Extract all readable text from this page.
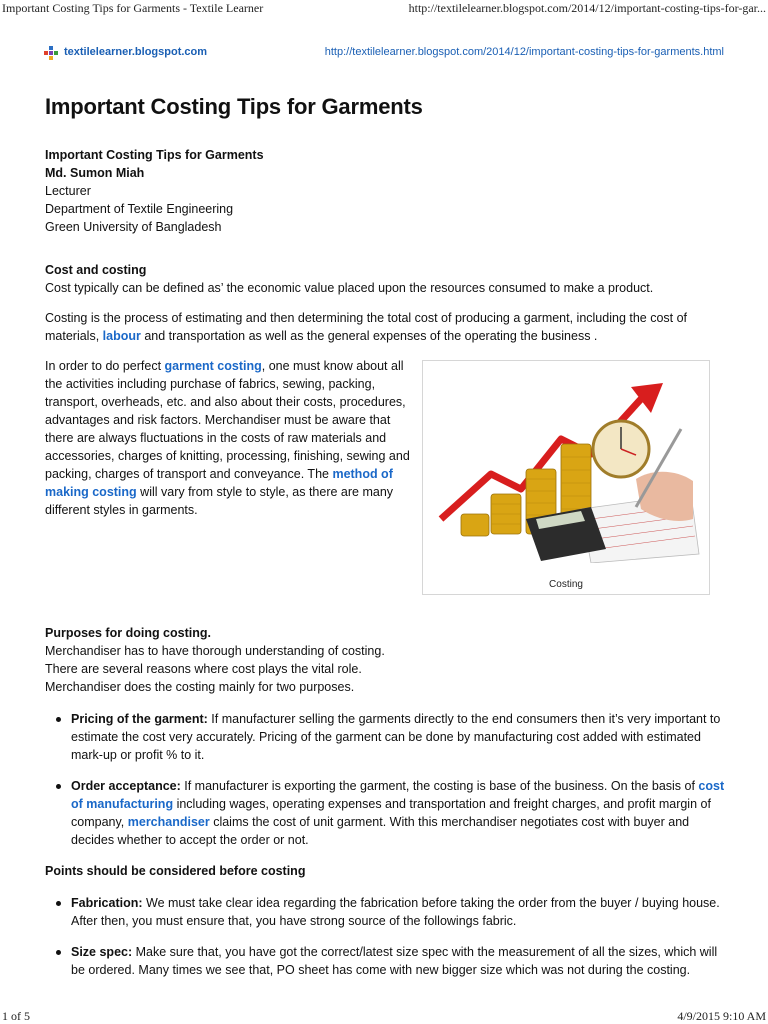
Important Costing Tips for Garments - Textile Learner	http://textilelearner.blogspot.com/2014/12/important-costing-tips-for-gar...
textilelearner.blogspot.com	http://textilelearner.blogspot.com/2014/12/important-costing-tips-for-garments.html
Important Costing Tips for Garments
Important Costing Tips for Garments
Md. Sumon Miah
Lecturer
Department of Textile Engineering
Green University of Bangladesh

Cost and costing

Cost typically can be defined as’ the economic value placed upon the resources consumed to make a product.

Costing is the process of estimating and then determining the total cost of producing a garment, including the cost of materials, labour and transportation as well as the general expenses of the operating the business .

In order to do perfect garment costing, one must know about all the activities including purchase of fabrics, sewing, packing, transport, overheads, etc. and also about their costs, procedures, advantages and risk factors. Merchandiser must be aware that there are always fluctuations in the costs of raw materials and accessories, charges of knitting, processing, finishing, sewing and packing, charges of transport and conveyance. The method of making costing will vary from style to style, as there are many different styles in garments.

Costing

Purposes for doing costing.

Merchandiser has to have thorough understanding of costing. There are several reasons where cost plays the vital role. Merchandiser does the costing mainly for two purposes.

Pricing of the garment: If manufacturer selling the garments directly to the end consumers then it’s very important to estimate the cost very accurately. Pricing of the garment can be done by manufacturing cost added with estimated mark-up or profit % to it.
Order acceptance: If manufacturer is exporting the garment, the costing is base of the business. On the basis of cost of manufacturing including wages, operating expenses and transportation and freight charges, and profit margin of company, merchandiser claims the cost of unit garment. With this merchandiser negotiates cost with buyer and decides whether to accept the order or not.

Points should be considered before costing

Fabrication: We must take clear idea regarding the fabrication before taking the order from the buyer / buying house. After then, you must ensure that, you have strong source of the followings fabric.
Size spec: Make sure that, you have got the correct/latest size spec with the measurement of all the sizes, which will be ordered. Many times we see that, PO sheet has come with new bigger size which was not during the costing.
1 of 5	4/9/2015 9:10 AM
